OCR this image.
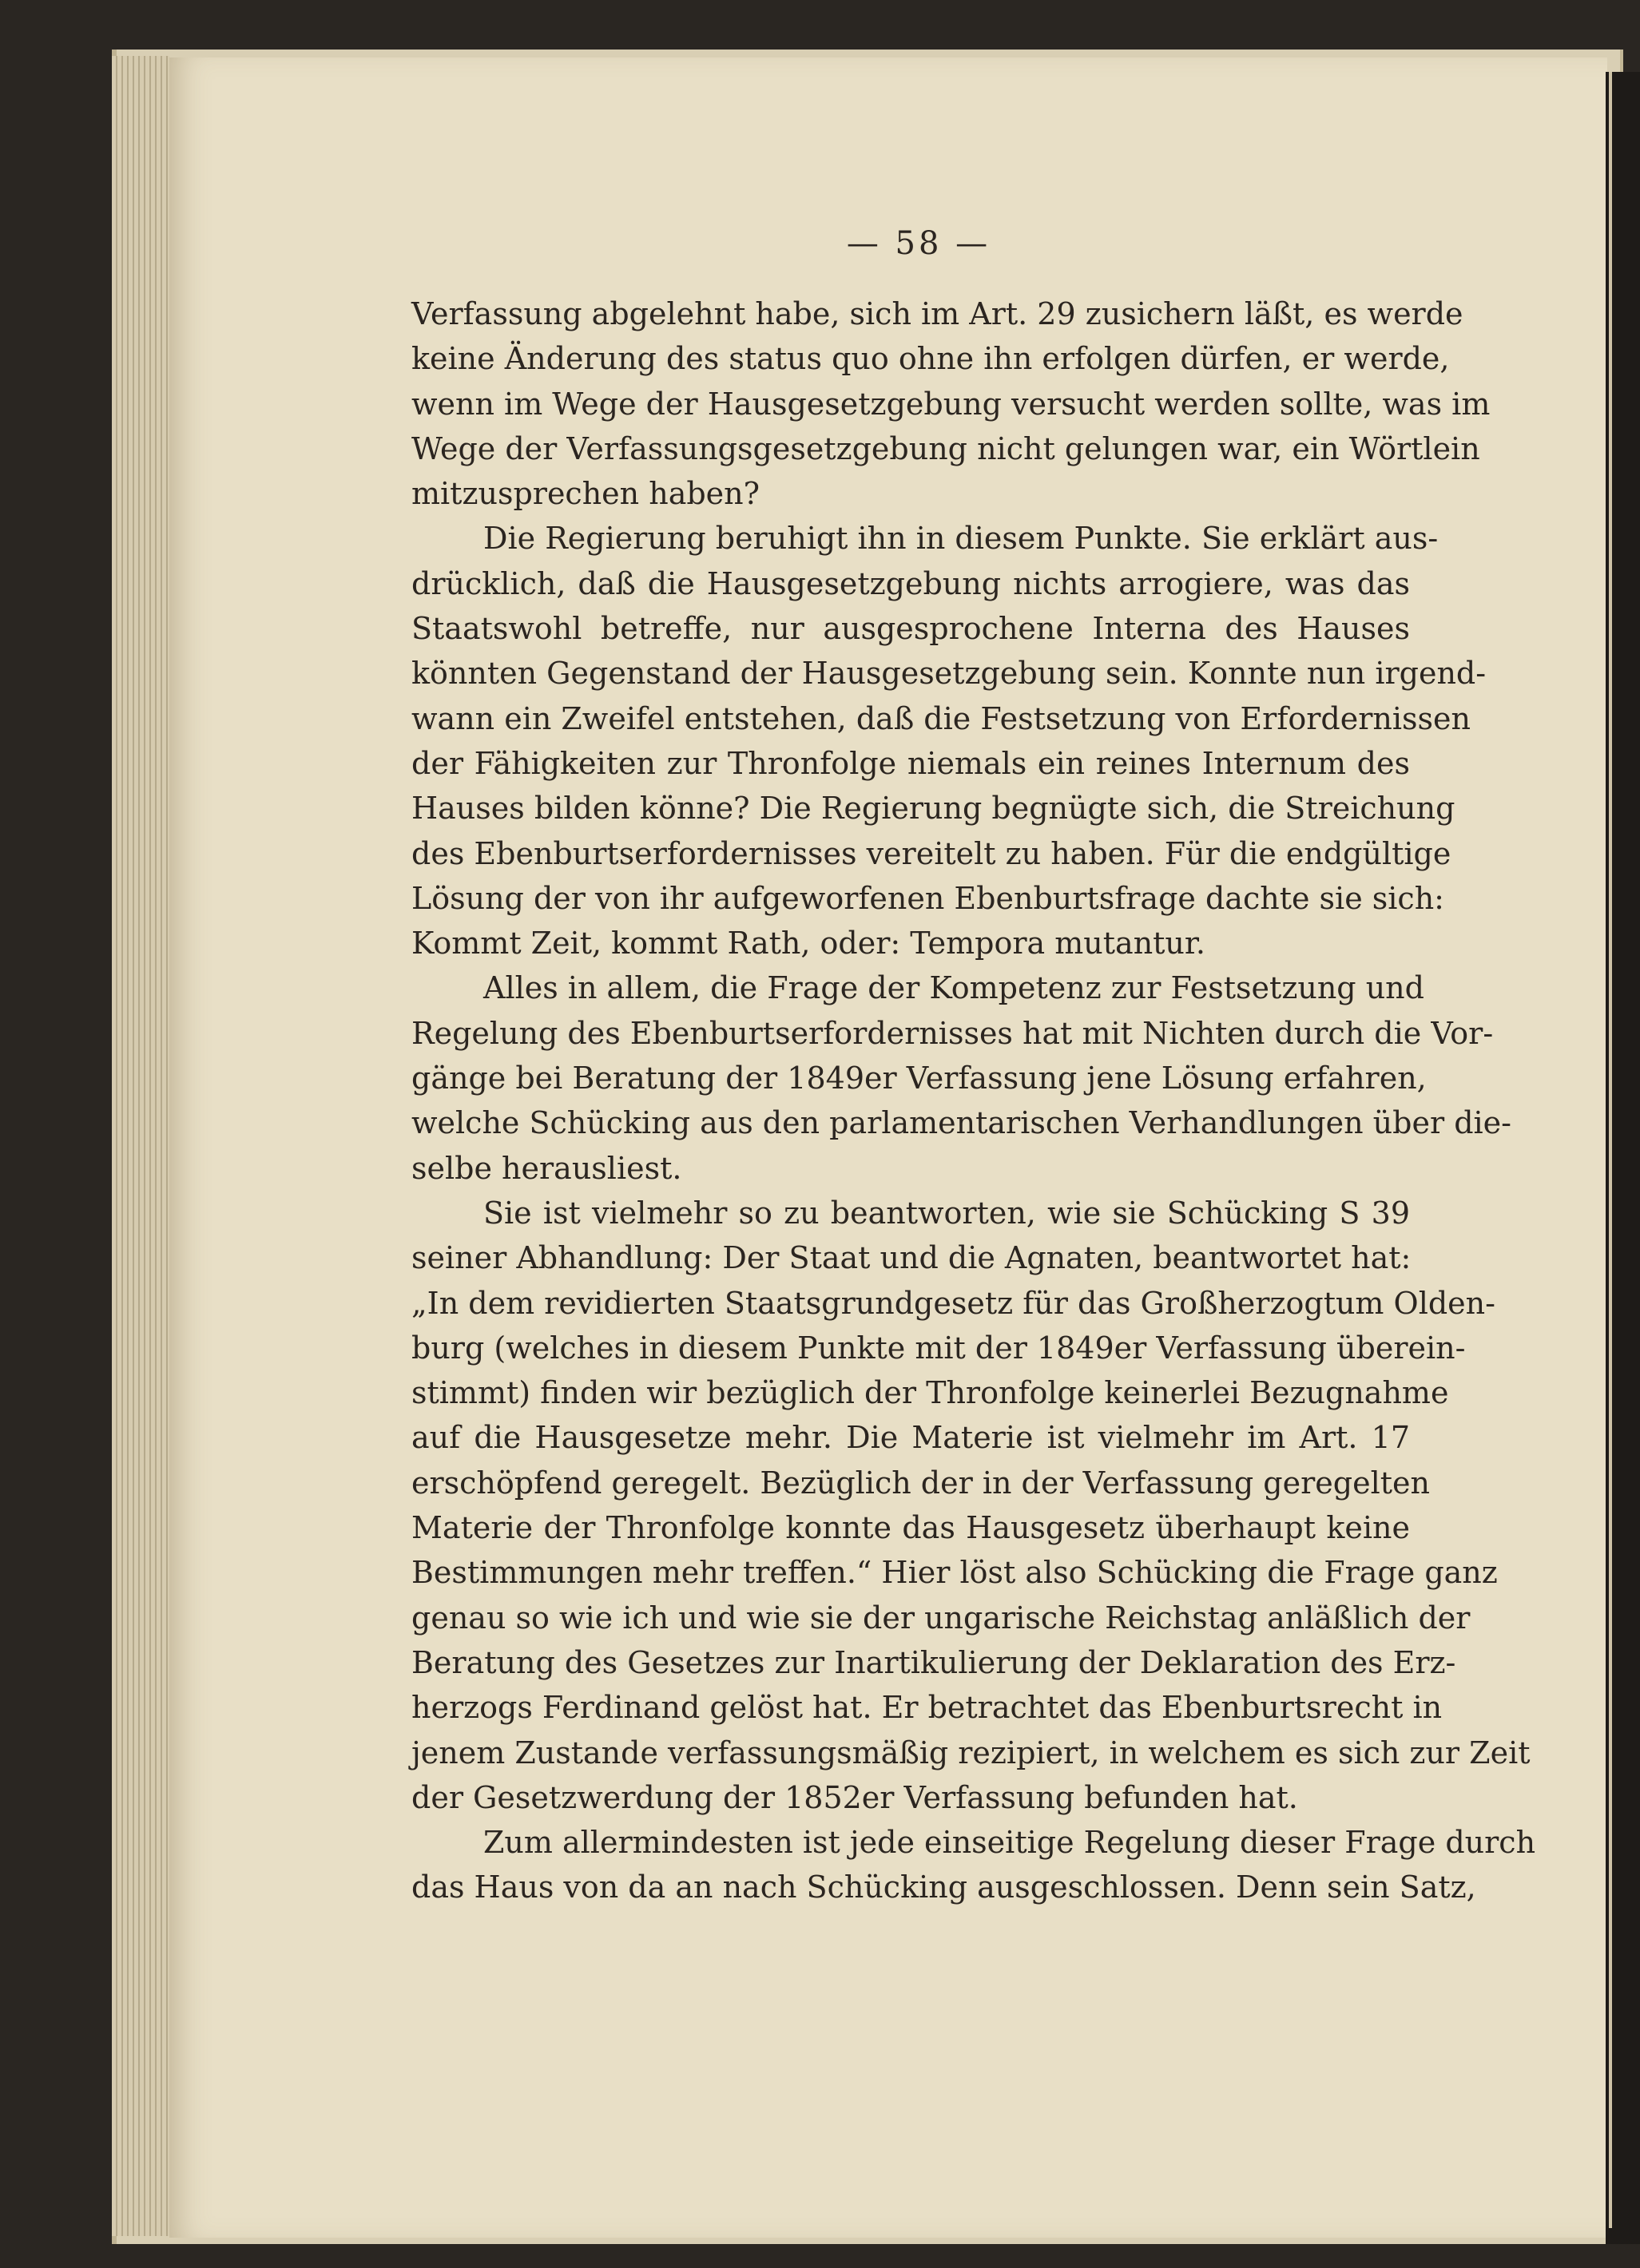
— 58 —
Verfassung abgelehnt habe, sich im Art. 29 zusichern läßt, es werde
keine Änderung des status quo ohne ihn erfolgen dürfen, er werde,
wenn im Wege der Hausgesetzgebung versucht werden sollte, was im
Wege der Verfassungsgesetzgebung nicht gelungen war, ein Wörtlein
mitzusprechen haben?
Die Regierung beruhigt ihn in diesem Punkte. Sie erklärt aus-
drücklich, daß die Hausgesetzgebung nichts arrogiere, was das
Staatswohl betreffe, nur ausgesprochene Interna des Hauses
könnten Gegenstand der Hausgesetzgebung sein. Konnte nun irgend-
wann ein Zweifel entstehen, daß die Festsetzung von Erfordernissen
der Fähigkeiten zur Thronfolge niemals ein reines Internum des
Hauses bilden könne? Die Regierung begnügte sich, die Streichung
des Ebenburtserfordernisses vereitelt zu haben. Für die endgültige
Lösung der von ihr aufgeworfenen Ebenburtsfrage dachte sie sich:
Kommt Zeit, kommt Rath, oder: Tempora mutantur.
Alles in allem, die Frage der Kompetenz zur Festsetzung und
Regelung des Ebenburtserfordernisses hat mit Nichten durch die Vor-
gänge bei Beratung der 1849er Verfassung jene Lösung erfahren,
welche Schücking aus den parlamentarischen Verhandlungen über die-
selbe herausliest.
Sie ist vielmehr so zu beantworten, wie sie Schücking S 39
seiner Abhandlung: Der Staat und die Agnaten, beantwortet hat:
„In dem revidierten Staatsgrundgesetz für das Großherzogtum Olden-
burg (welches in diesem Punkte mit der 1849er Verfassung überein-
stimmt) finden wir bezüglich der Thronfolge keinerlei Bezugnahme
auf die Hausgesetze mehr. Die Materie ist vielmehr im Art. 17
erschöpfend geregelt. Bezüglich der in der Verfassung geregelten
Materie der Thronfolge konnte das Hausgesetz überhaupt keine
Bestimmungen mehr treffen.“ Hier löst also Schücking die Frage ganz
genau so wie ich und wie sie der ungarische Reichstag anläßlich der
Beratung des Gesetzes zur Inartikulierung der Deklaration des Erz-
herzogs Ferdinand gelöst hat. Er betrachtet das Ebenburtsrecht in
jenem Zustande verfassungsmäßig rezipiert, in welchem es sich zur Zeit
der Gesetzwerdung der 1852er Verfassung befunden hat.
Zum allermindesten ist jede einseitige Regelung dieser Frage durch
das Haus von da an nach Schücking ausgeschlossen. Denn sein Satz,
